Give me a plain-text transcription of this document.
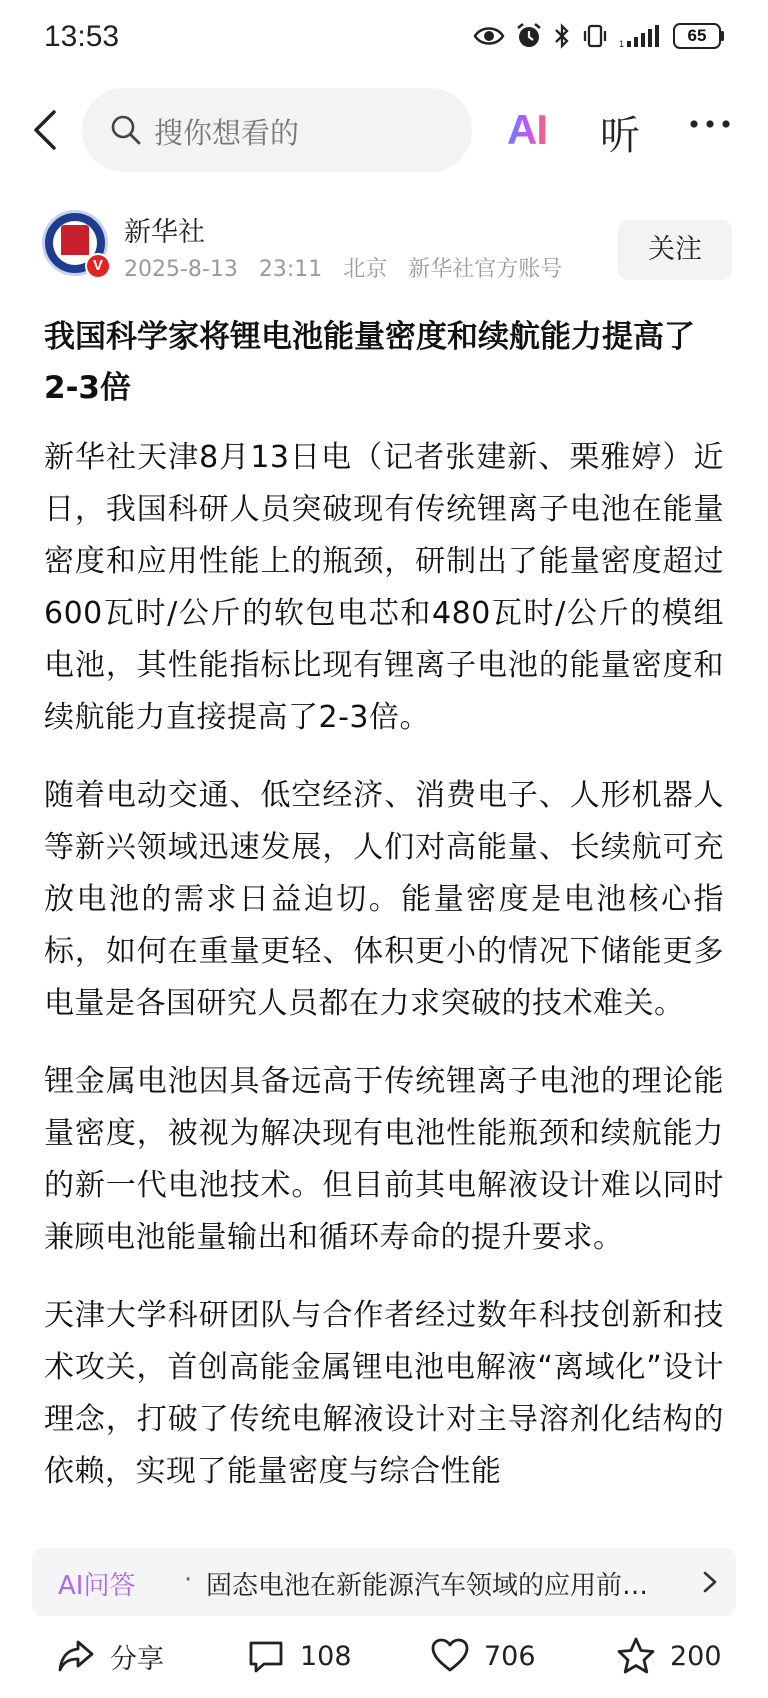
13:53	1	65
搜你想看的	AI 听
V
新华社
2025-8-13 23:11 北京 新华社官方账号
关注
我国科学家将锂电池能量密度和续航能力提高了2-3倍

新华社天津8月13日电（记者张建新、栗雅婷）近日，我国科研人员突破现有传统锂离子电池在能量密度和应用性能上的瓶颈，研制出了能量密度超过600瓦时/公斤的软包电芯和480瓦时/公斤的模组电池，其性能指标比现有锂离子电池的能量密度和续航能力直接提高了2-3倍。

随着电动交通、低空经济、消费电子、人形机器人等新兴领域迅速发展，人们对高能量、长续航可充放电池的需求日益迫切。能量密度是电池核心指标，如何在重量更轻、体积更小的情况下储能更多电量是各国研究人员都在力求突破的技术难关。

锂金属电池因具备远高于传统锂离子电池的理论能量密度，被视为解决现有电池性能瓶颈和续航能力的新一代电池技术。但目前其电解液设计难以同时兼顾电池能量输出和循环寿命的提升要求。

天津大学科研团队与合作者经过数年科技创新和技术攻关，首创高能金属锂电池电解液“离域化”设计理念，打破了传统电解液设计对主导溶剂化结构的依赖，实现了能量密度与综合性能

AI问答 · 固态电池在新能源汽车领域的应用前…
分享	108	706	200
